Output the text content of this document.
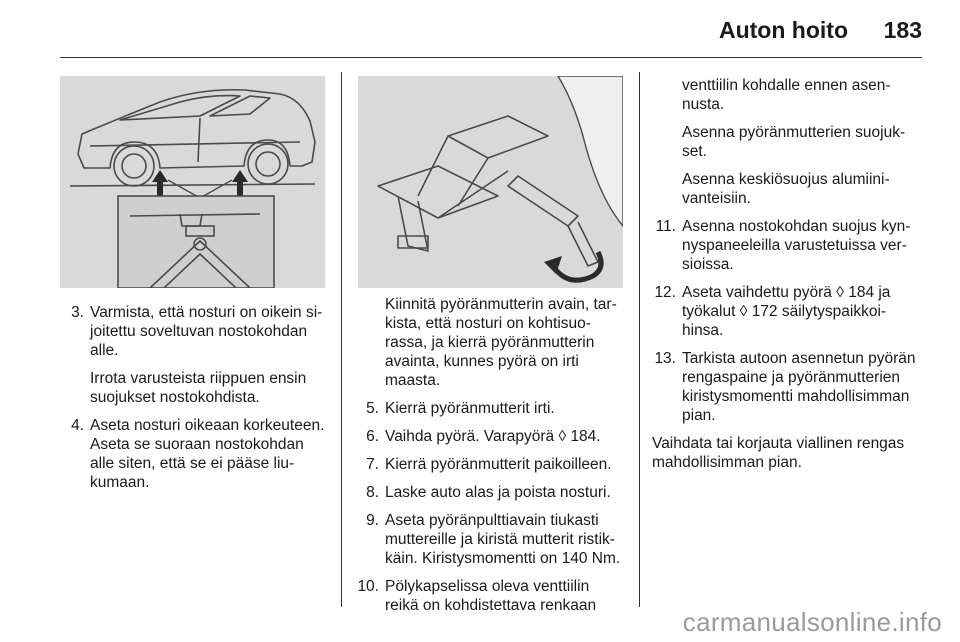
Auton hoito 183
3. Varmista, että nosturi on oikein sijoitettu soveltuvan nostokohdan alle.
Irrota varusteista riippuen ensin suojukset nostokohdista.
4. Aseta nosturi oikeaan korkeuteen. Aseta se suoraan nostokohdan alle siten, että se ei pääse liukumaan.
Kiinnitä pyöränmutterin avain, tarkista, että nosturi on kohtisuorassa, ja kierrä pyöränmutterin avainta, kunnes pyörä on irti maasta.
5. Kierrä pyöränmutterit irti.
6. Vaihda pyörä. Varapyörä ◊ 184.
7. Kierrä pyöränmutterit paikoilleen.
8. Laske auto alas ja poista nosturi.
9. Aseta pyöränpulttiavain tiukasti muttereille ja kiristä mutterit ristikkäin. Kiristysmomentti on 140 Nm.
10. Pölykapselissa oleva venttiilin reikä on kohdistettava renkaan
venttiilin kohdalle ennen asennusta.
Asenna pyöränmutterien suojukset.
Asenna keskiösuojus alumiinivanteisiin.
11. Asenna nostokohdan suojus kynnyspaneeleilla varustetuissa versioissa.
12. Aseta vaihdettu pyörä ◊ 184 ja työkalut ◊ 172 säilytyspaikkoihinsa.
13. Tarkista autoon asennetun pyörän rengaspaine ja pyöränmutterien kiristysmomentti mahdollisimman pian.
Vaihdata tai korjauta viallinen rengas mahdollisimman pian.
carmanualsonline.info
